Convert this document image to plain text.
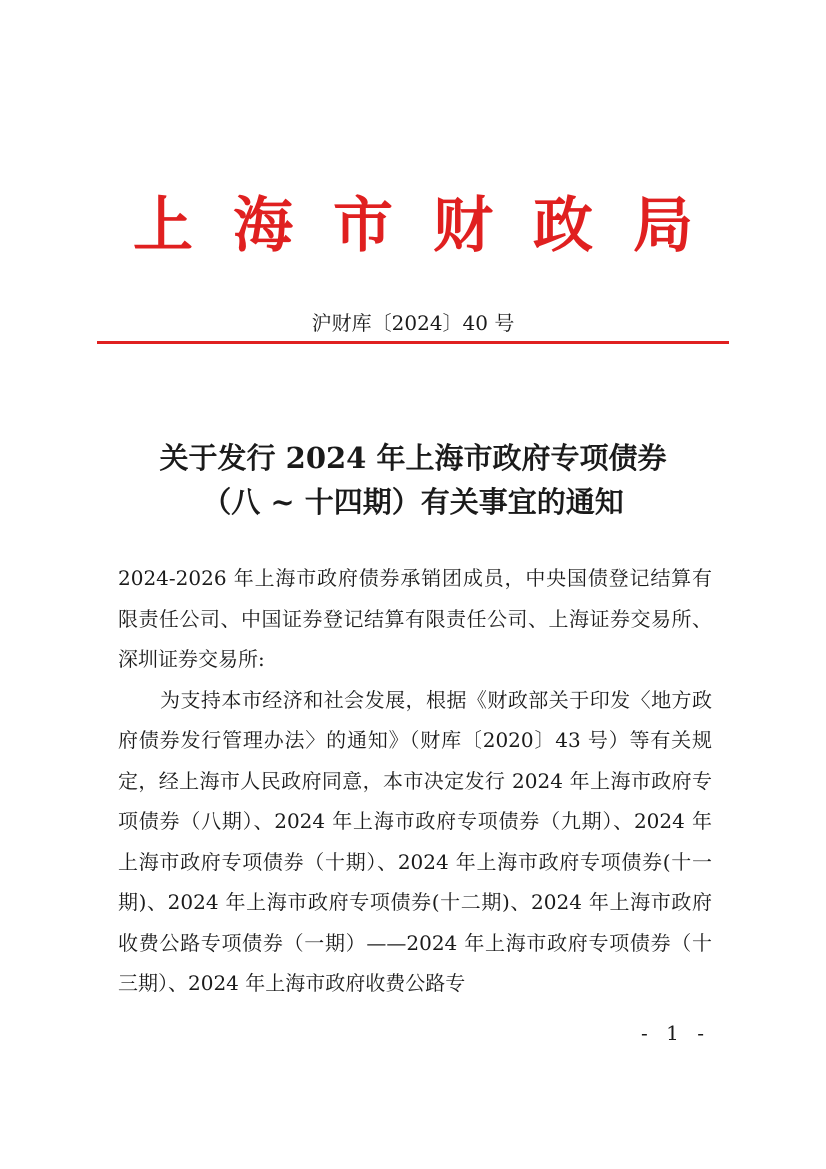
上海市财政局
沪财库〔2024〕40 号
关于发行 2024 年上海市政府专项债券
（八 ~ 十四期）有关事宜的通知

2024-2026 年上海市政府债券承销团成员，中央国债登记结算有限责任公司、中国证券登记结算有限责任公司、上海证券交易所、深圳证券交易所:

为支持本市经济和社会发展，根据《财政部关于印发〈地方政府债券发行管理办法〉的通知》（财库〔2020〕43 号）等有关规定，经上海市人民政府同意，本市决定发行 2024 年上海市政府专项债券（八期）、2024 年上海市政府专项债券（九期）、2024 年上海市政府专项债券（十期）、2024 年上海市政府专项债券(十一期)、2024 年上海市政府专项债券(十二期)、2024 年上海市政府收费公路专项债券（一期）——2024 年上海市政府专项债券（十三期）、2024 年上海市政府收费公路专

- 1 -
